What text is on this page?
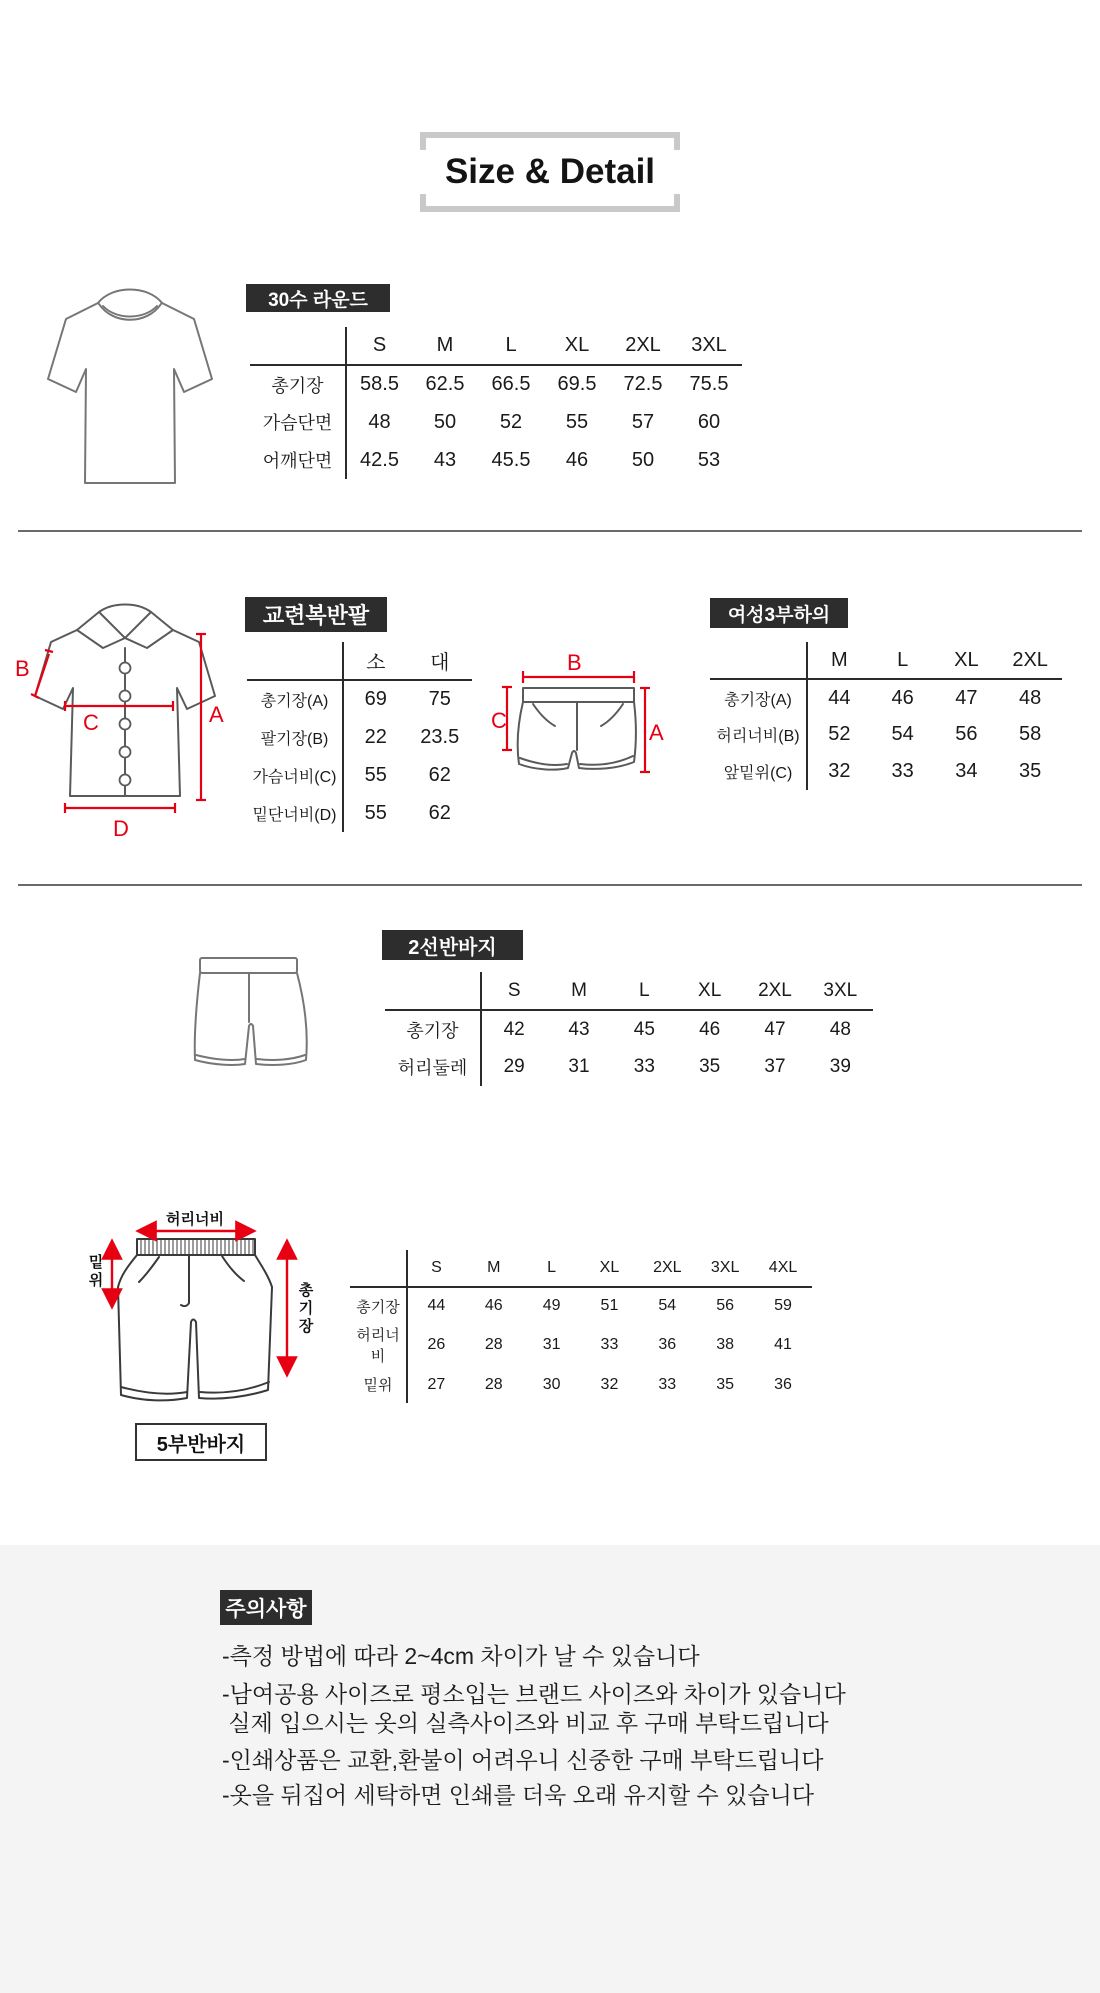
Size & Detail
30수 라운드
	S	M	L	XL	2XL	3XL
총기장	58.5	62.5	66.5	69.5	72.5	75.5
가슴단면	48	50	52	55	57	60
어깨단면	42.5	43	45.5	46	50	53
B
C	A
D
교련복반팔
	소	대
총기장(A)	69	75
팔기장(B)	22	23.5
가슴너비(C)	55	62
밑단너비(D)	55	62
B
C	A
여성3부하의
	M	L	XL	2XL
총기장(A)	44	46	47	48
허리너비(B)	52	54	56	58
앞밑위(C)	32	33	34	35
2선반바지
	S	M	L	XL	2XL	3XL
총기장	42	43	45	46	47	48
허리둘레	29	31	33	35	37	39
허리너비
밑위
총기장
5부반바지
	S	M	L	XL	2XL	3XL	4XL
총기장	44	46	49	51	54	56	59
허리너비	26	28	31	33	36	38	41
밑위	27	28	30	32	33	35	36
주의사항
-측정 방법에 따라 2~4cm 차이가 날 수 있습니다
-남여공용 사이즈로 평소입는 브랜드 사이즈와 차이가 있습니다
실제 입으시는 옷의 실측사이즈와 비교 후 구매 부탁드립니다
-인쇄상품은 교환,환불이 어려우니 신중한 구매 부탁드립니다
-옷을 뒤집어 세탁하면 인쇄를 더욱 오래 유지할 수 있습니다
